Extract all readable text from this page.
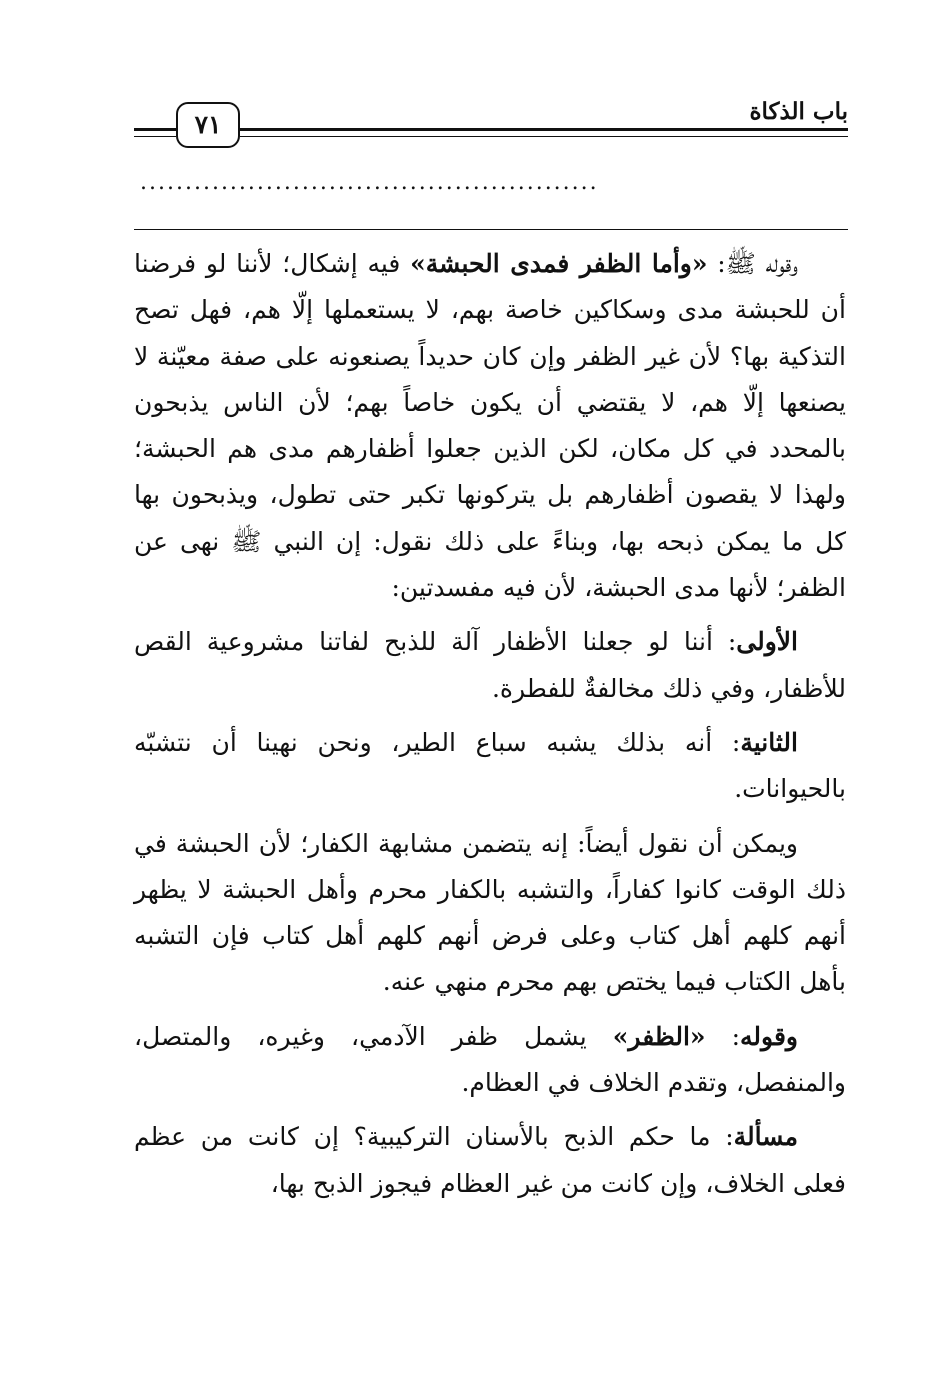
باب الذكاة
٧١
...................................................

وقوله ﷺ: «وأما الظفر فمدى الحبشة» فيه إشكال؛ لأننا لو فرضنا أن للحبشة مدى وسكاكين خاصة بهم، لا يستعملها إلّا هم، فهل تصح التذكية بها؟ لأن غير الظفر وإن كان حديداً يصنعونه على صفة معيّنة لا يصنعها إلّا هم، لا يقتضي أن يكون خاصاً بهم؛ لأن الناس يذبحون بالمحدد في كل مكان، لكن الذين جعلوا أظفارهم مدى هم الحبشة؛ ولهذا لا يقصون أظفارهم بل يتركونها تكبر حتى تطول، ويذبحون بها كل ما يمكن ذبحه بها، وبناءً على ذلك نقول: إن النبي ﷺ نهى عن الظفر؛ لأنها مدى الحبشة، لأن فيه مفسدتين:

الأولى: أننا لو جعلنا الأظفار آلة للذبح لفاتنا مشروعية القص للأظفار، وفي ذلك مخالفةٌ للفطرة.

الثانية: أنه بذلك يشبه سباع الطير، ونحن نهينا أن نتشبّه بالحيوانات.

ويمكن أن نقول أيضاً: إنه يتضمن مشابهة الكفار؛ لأن الحبشة في ذلك الوقت كانوا كفاراً، والتشبه بالكفار محرم وأهل الحبشة لا يظهر أنهم كلهم أهل كتاب وعلى فرض أنهم كلهم أهل كتاب فإن التشبه بأهل الكتاب فيما يختص بهم محرم منهي عنه.

وقوله: «الظفر» يشمل ظفر الآدمي، وغيره، والمتصل، والمنفصل، وتقدم الخلاف في العظام.

مسألة: ما حكم الذبح بالأسنان التركيبية؟ إن كانت من عظم فعلى الخلاف، وإن كانت من غير العظام فيجوز الذبح بها،
